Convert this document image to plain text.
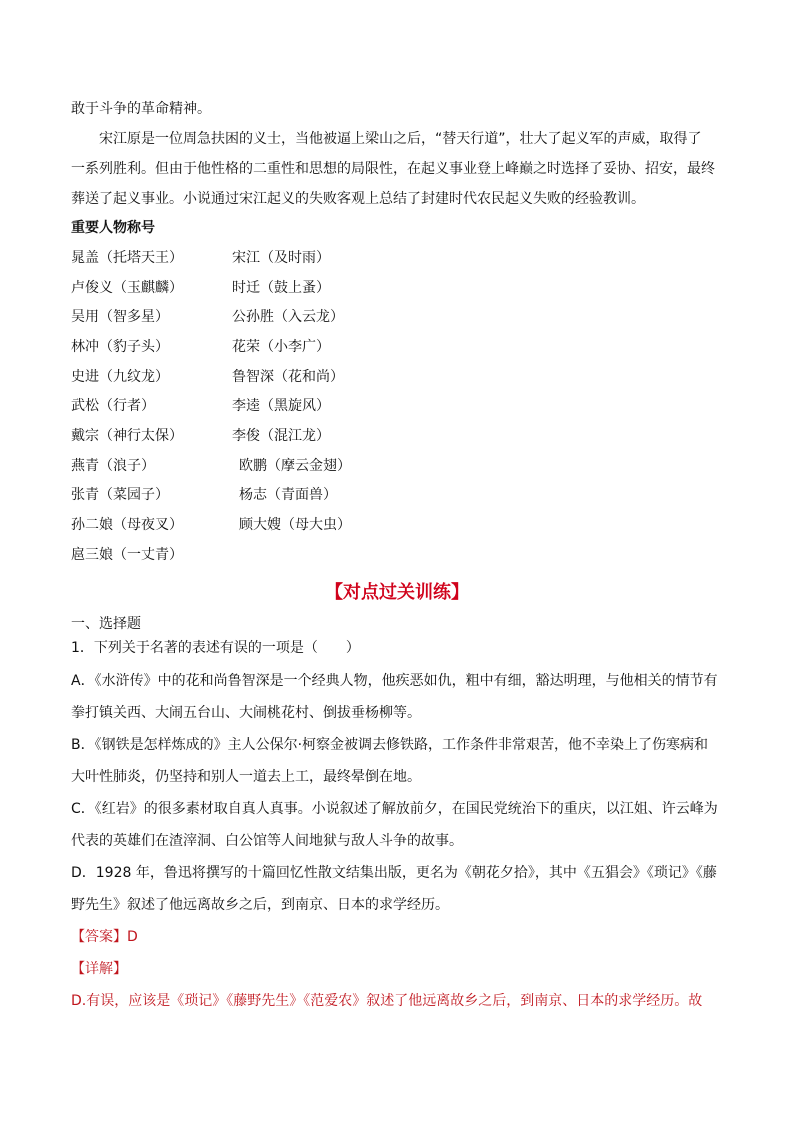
敢于斗争的革命精神。
宋江原是一位周急扶困的义士，当他被逼上梁山之后，“替天行道”，壮大了起义军的声威，取得了
一系列胜利。但由于他性格的二重性和思想的局限性，在起义事业登上峰巅之时选择了妥协、招安，最终
葬送了起义事业。小说通过宋江起义的失败客观上总结了封建时代农民起义失败的经验教训。
重要人物称号
晁盖（托塔天王）	宋江（及时雨）
卢俊义（玉麒麟）	时迁（鼓上蚤）
吴用（智多星）	公孙胜（入云龙）
林冲（豹子头）	花荣（小李广）
史进（九纹龙）	鲁智深（花和尚）
武松（行者）	李逵（黑旋风）
戴宗（神行太保）	李俊（混江龙）
燕青（浪子）	欧鹏（摩云金翅）
张青（菜园子）	杨志（青面兽）
孙二娘（母夜叉）	顾大嫂（母大虫）
扈三娘（一丈青）
【对点过关训练】
一、选择题
1．下列关于名著的表述有误的一项是（　　）
A．《水浒传》中的花和尚鲁智深是一个经典人物，他疾恶如仇，粗中有细，豁达明理，与他相关的情节有
拳打镇关西、大闹五台山、大闹桃花村、倒拔垂杨柳等。
B．《钢铁是怎样炼成的》主人公保尔·柯察金被调去修铁路，工作条件非常艰苦，他不幸染上了伤寒病和
大叶性肺炎，仍坚持和别人一道去上工，最终晕倒在地。
C．《红岩》的很多素材取自真人真事。小说叙述了解放前夕，在国民党统治下的重庆，以江姐、许云峰为
代表的英雄们在渣滓洞、白公馆等人间地狱与敌人斗争的故事。
D．1928 年，鲁迅将撰写的十篇回忆性散文结集出版，更名为《朝花夕拾》，其中《五猖会》《琐记》《藤
野先生》叙述了他远离故乡之后，到南京、日本的求学经历。
【答案】D
【详解】
D.有误，应该是《琐记》《藤野先生》《范爱农》叙述了他远离故乡之后，到南京、日本的求学经历。故
